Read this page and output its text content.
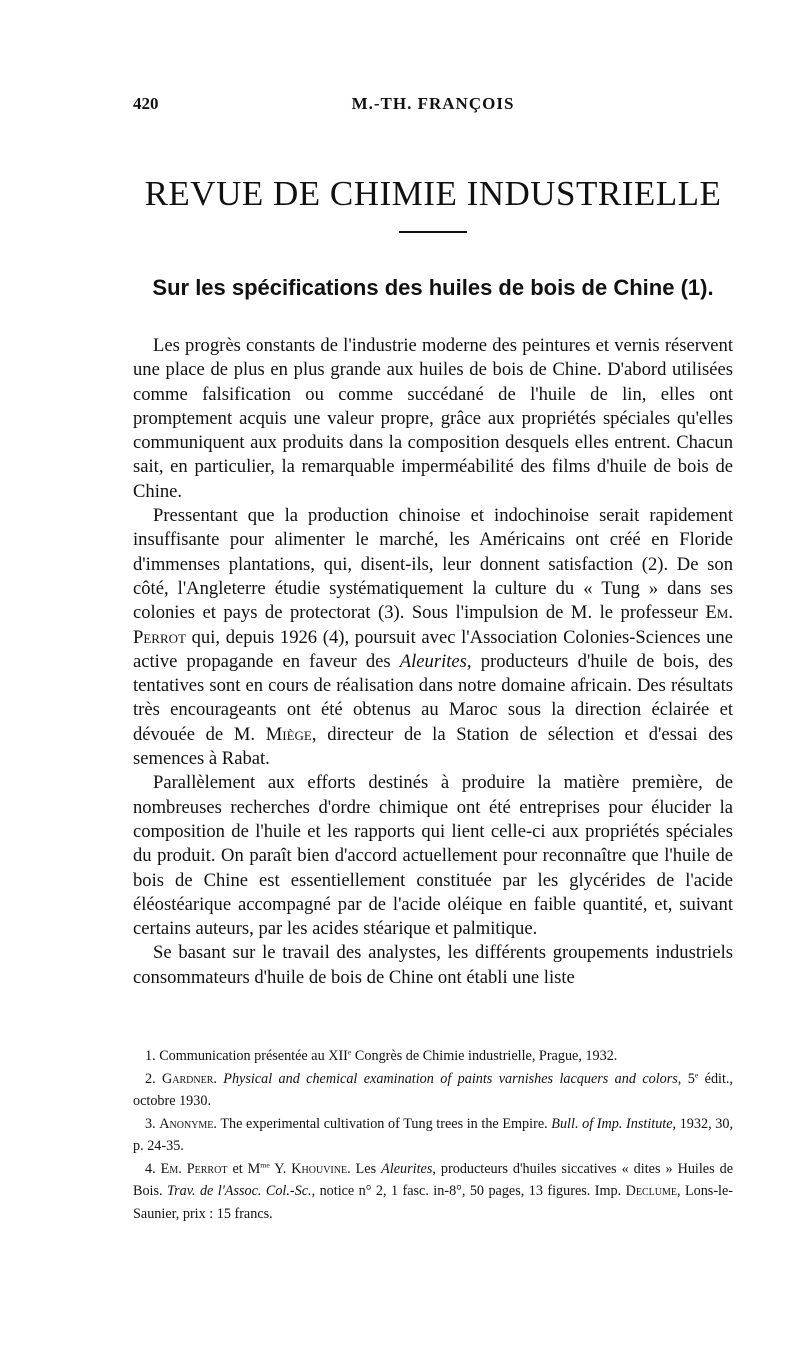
420	M.-TH. FRANÇOIS
REVUE DE CHIMIE INDUSTRIELLE
Sur les spécifications des huiles de bois de Chine (1).

Les progrès constants de l'industrie moderne des peintures et vernis réservent une place de plus en plus grande aux huiles de bois de Chine. D'abord utilisées comme falsification ou comme succédané de l'huile de lin, elles ont promptement acquis une valeur propre, grâce aux propriétés spéciales qu'elles communiquent aux produits dans la composition desquels elles entrent. Chacun sait, en particulier, la remarquable imperméabilité des films d'huile de bois de Chine.

Pressentant que la production chinoise et indochinoise serait rapidement insuffisante pour alimenter le marché, les Américains ont créé en Floride d'immenses plantations, qui, disent-ils, leur donnent satisfaction (2). De son côté, l'Angleterre étudie systématiquement la culture du « Tung » dans ses colonies et pays de protectorat (3). Sous l'impulsion de M. le professeur Em. Perrot qui, depuis 1926 (4), poursuit avec l'Association Colonies-Sciences une active propagande en faveur des Aleurites, producteurs d'huile de bois, des tentatives sont en cours de réalisation dans notre domaine africain. Des résultats très encourageants ont été obtenus au Maroc sous la direction éclairée et dévouée de M. Miège, directeur de la Station de sélection et d'essai des semences à Rabat.

Parallèlement aux efforts destinés à produire la matière première, de nombreuses recherches d'ordre chimique ont été entreprises pour élucider la composition de l'huile et les rapports qui lient celle-ci aux propriétés spéciales du produit. On paraît bien d'accord actuellement pour reconnaître que l'huile de bois de Chine est essentiellement constituée par les glycérides de l'acide éléostéarique accompagné par de l'acide oléique en faible quantité, et, suivant certains auteurs, par les acides stéarique et palmitique.

Se basant sur le travail des analystes, les différents groupements industriels consommateurs d'huile de bois de Chine ont établi une liste

1. Communication présentée au XIIe Congrès de Chimie industrielle, Prague, 1932.

2. Gardner. Physical and chemical examination of paints varnishes lacquers and colors, 5e édit., octobre 1930.

3. Anonyme. The experimental cultivation of Tung trees in the Empire. Bull. of Imp. Institute, 1932, 30, p. 24-35.

4. Em. Perrot et $M^{me}$ Y. Khouvine. Les Aleurites, producteurs d'huiles siccatives « dites » Huiles de Bois. Trav. de l'Assoc. Col.-Sc., notice n° 2, 1 fasc. in-8°, 50 pages, 13 figures. Imp. Declume, Lons-le-Saunier, prix : 15 francs.
